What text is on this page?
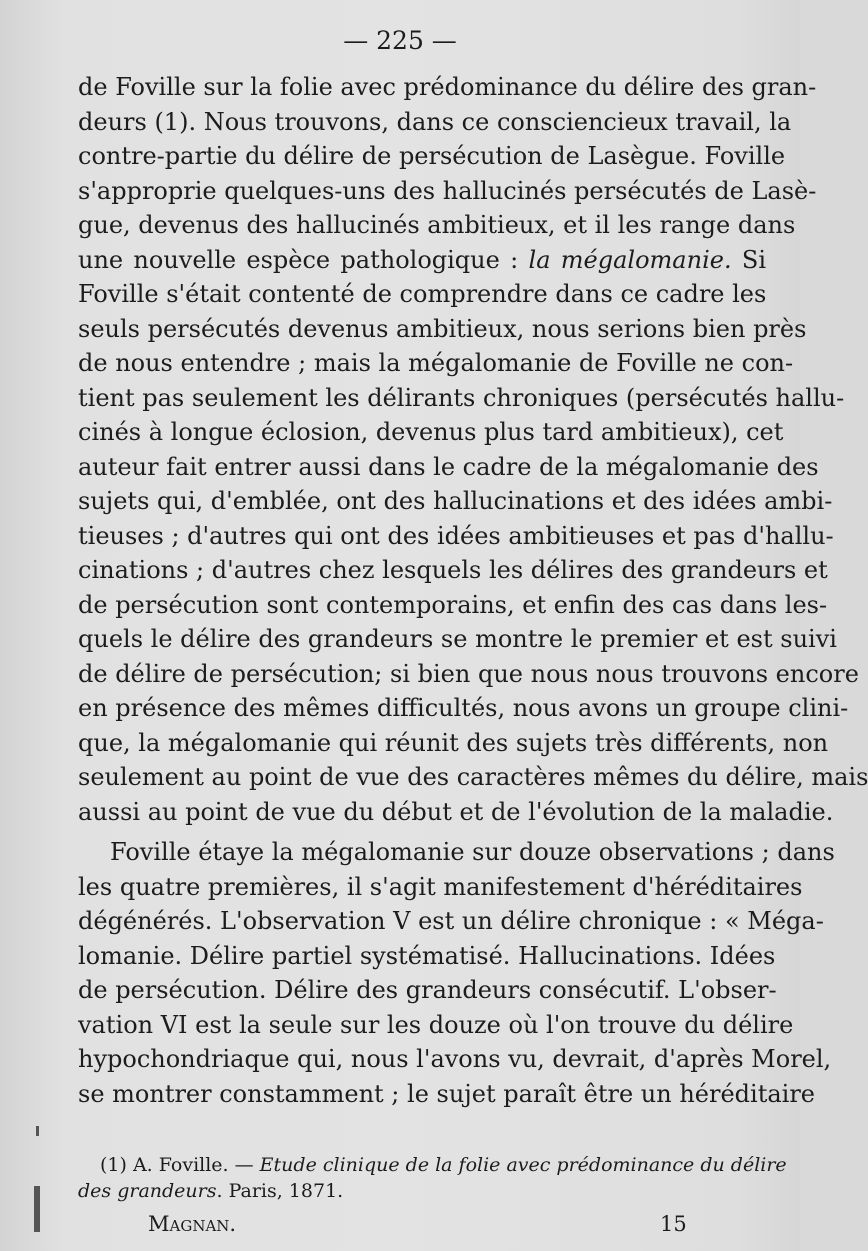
— 225 —
de Foville sur la folie avec prédominance du délire des gran-
deurs (1). Nous trouvons, dans ce consciencieux travail, la
contre-partie du délire de persécution de Lasègue. Foville
s'approprie quelques-uns des hallucinés persécutés de Lasè-
gue, devenus des hallucinés ambitieux, et il les range dans
une nouvelle espèce pathologique : la mégalomanie. Si
Foville s'était contenté de comprendre dans ce cadre les
seuls persécutés devenus ambitieux, nous serions bien près
de nous entendre ; mais la mégalomanie de Foville ne con-
tient pas seulement les délirants chroniques (persécutés hallu-
cinés à longue éclosion, devenus plus tard ambitieux), cet
auteur fait entrer aussi dans le cadre de la mégalomanie des
sujets qui, d'emblée, ont des hallucinations et des idées ambi-
tieuses ; d'autres qui ont des idées ambitieuses et pas d'hallu-
cinations ; d'autres chez lesquels les délires des grandeurs et
de persécution sont contemporains, et enfin des cas dans les-
quels le délire des grandeurs se montre le premier et est suivi
de délire de persécution; si bien que nous nous trouvons encore
en présence des mêmes difficultés, nous avons un groupe clini-
que, la mégalomanie qui réunit des sujets très différents, non
seulement au point de vue des caractères mêmes du délire, mais
aussi au point de vue du début et de l'évolution de la maladie.
Foville étaye la mégalomanie sur douze observations ; dans
les quatre premières, il s'agit manifestement d'héréditaires
dégénérés. L'observation V est un délire chronique : « Méga-
lomanie. Délire partiel systématisé. Hallucinations. Idées
de persécution. Délire des grandeurs consécutif. L'obser-
vation VI est la seule sur les douze où l'on trouve du délire
hypochondriaque qui, nous l'avons vu, devrait, d'après Morel,
se montrer constamment ; le sujet paraît être un héréditaire
(1) A. Foville. — Etude clinique de la folie avec prédominance du délire
des grandeurs. Paris, 1871.
Magnan.	15
